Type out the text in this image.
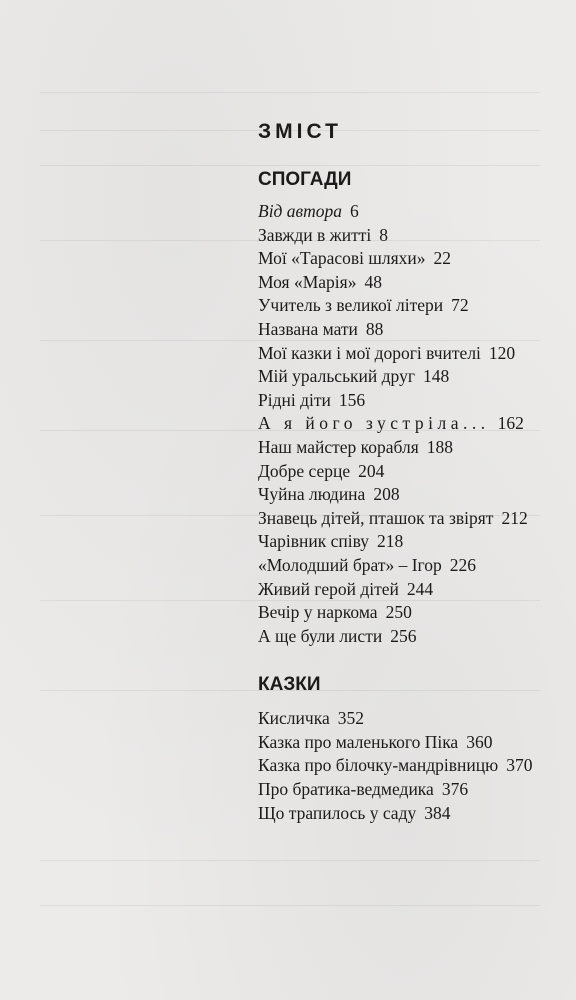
ЗМІСТ
СПОГАДИ
Від автора 6
Завжди в житті 8
Мої «Тарасові шляхи» 22
Моя «Марія» 48
Учитель з великої літери 72
Названа мати 88
Мої казки і мої дорогі вчителі 120
Мій уральський друг 148
Рідні діти 156
А я його зустріла... 162
Наш майстер корабля 188
Добре серце 204
Чуйна людина 208
Знавець дітей, пташок та звірят 212
Чарівник співу 218
«Молодший брат» – Ігор 226
Живий герой дітей 244
Вечір у наркома 250
А ще були листи 256
КАЗКИ
Кисличка 352
Казка про маленького Піка 360
Казка про білочку-мандрівницю 370
Про братика-ведмедика 376
Що трапилось у саду 384
